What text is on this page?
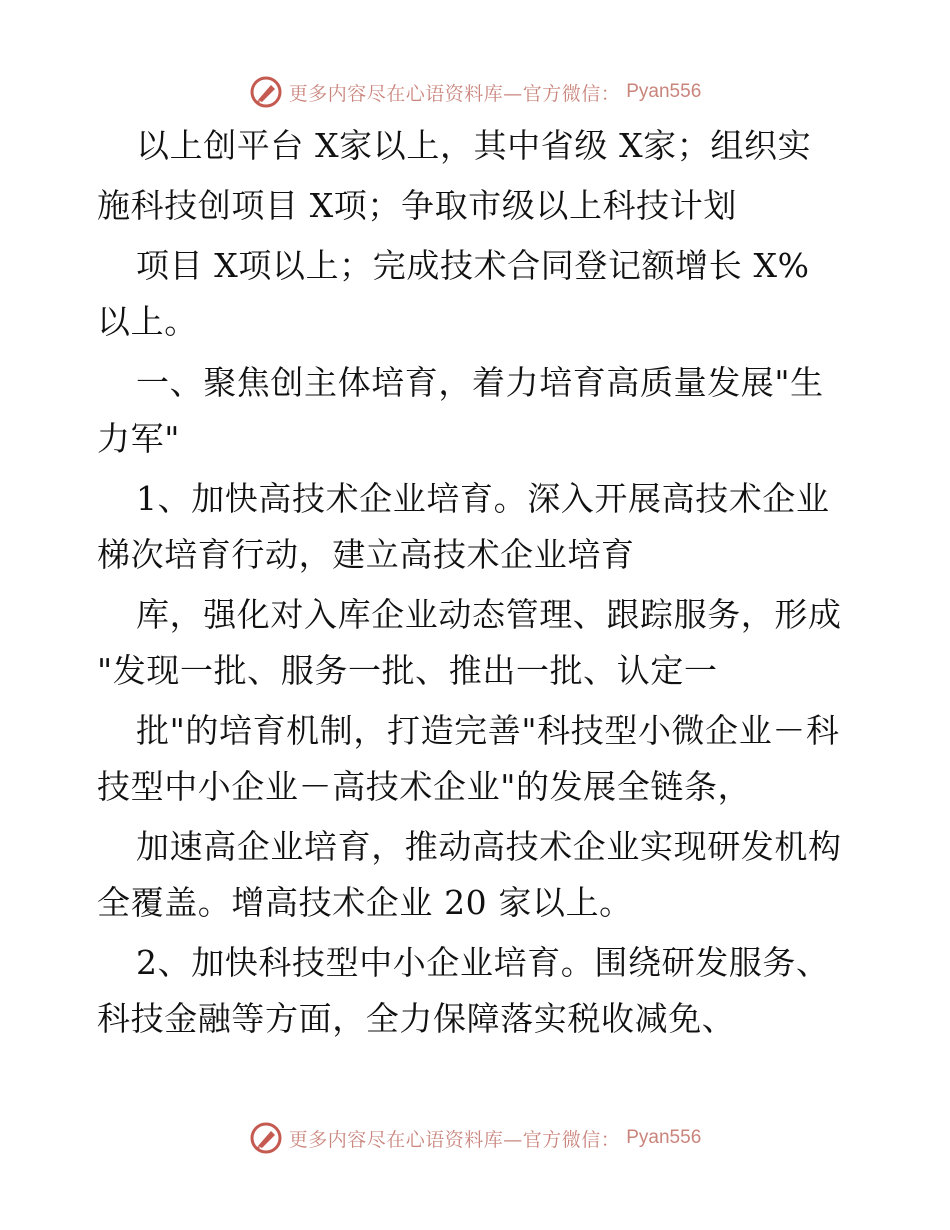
更多内容尽在心语资料库—官方微信： Pyan556
以上创平台 X家以上，其中省级 X家；组织实
施科技创项目 X项；争取市级以上科技计划
项目 X项以上；完成技术合同登记额增长 X%
以上。
一、聚焦创主体培育，着力培育高质量发展"生
力军"
1、加快高技术企业培育。深入开展高技术企业
梯次培育行动，建立高技术企业培育
库，强化对入库企业动态管理、跟踪服务，形成
"发现一批、服务一批、推出一批、认定一
批"的培育机制，打造完善"科技型小微企业－科
技型中小企业－高技术企业"的发展全链条，
加速高企业培育，推动高技术企业实现研发机构
全覆盖。增高技术企业 20 家以上。
2、加快科技型中小企业培育。围绕研发服务、
科技金融等方面，全力保障落实税收减免、
更多内容尽在心语资料库—官方微信： Pyan556
